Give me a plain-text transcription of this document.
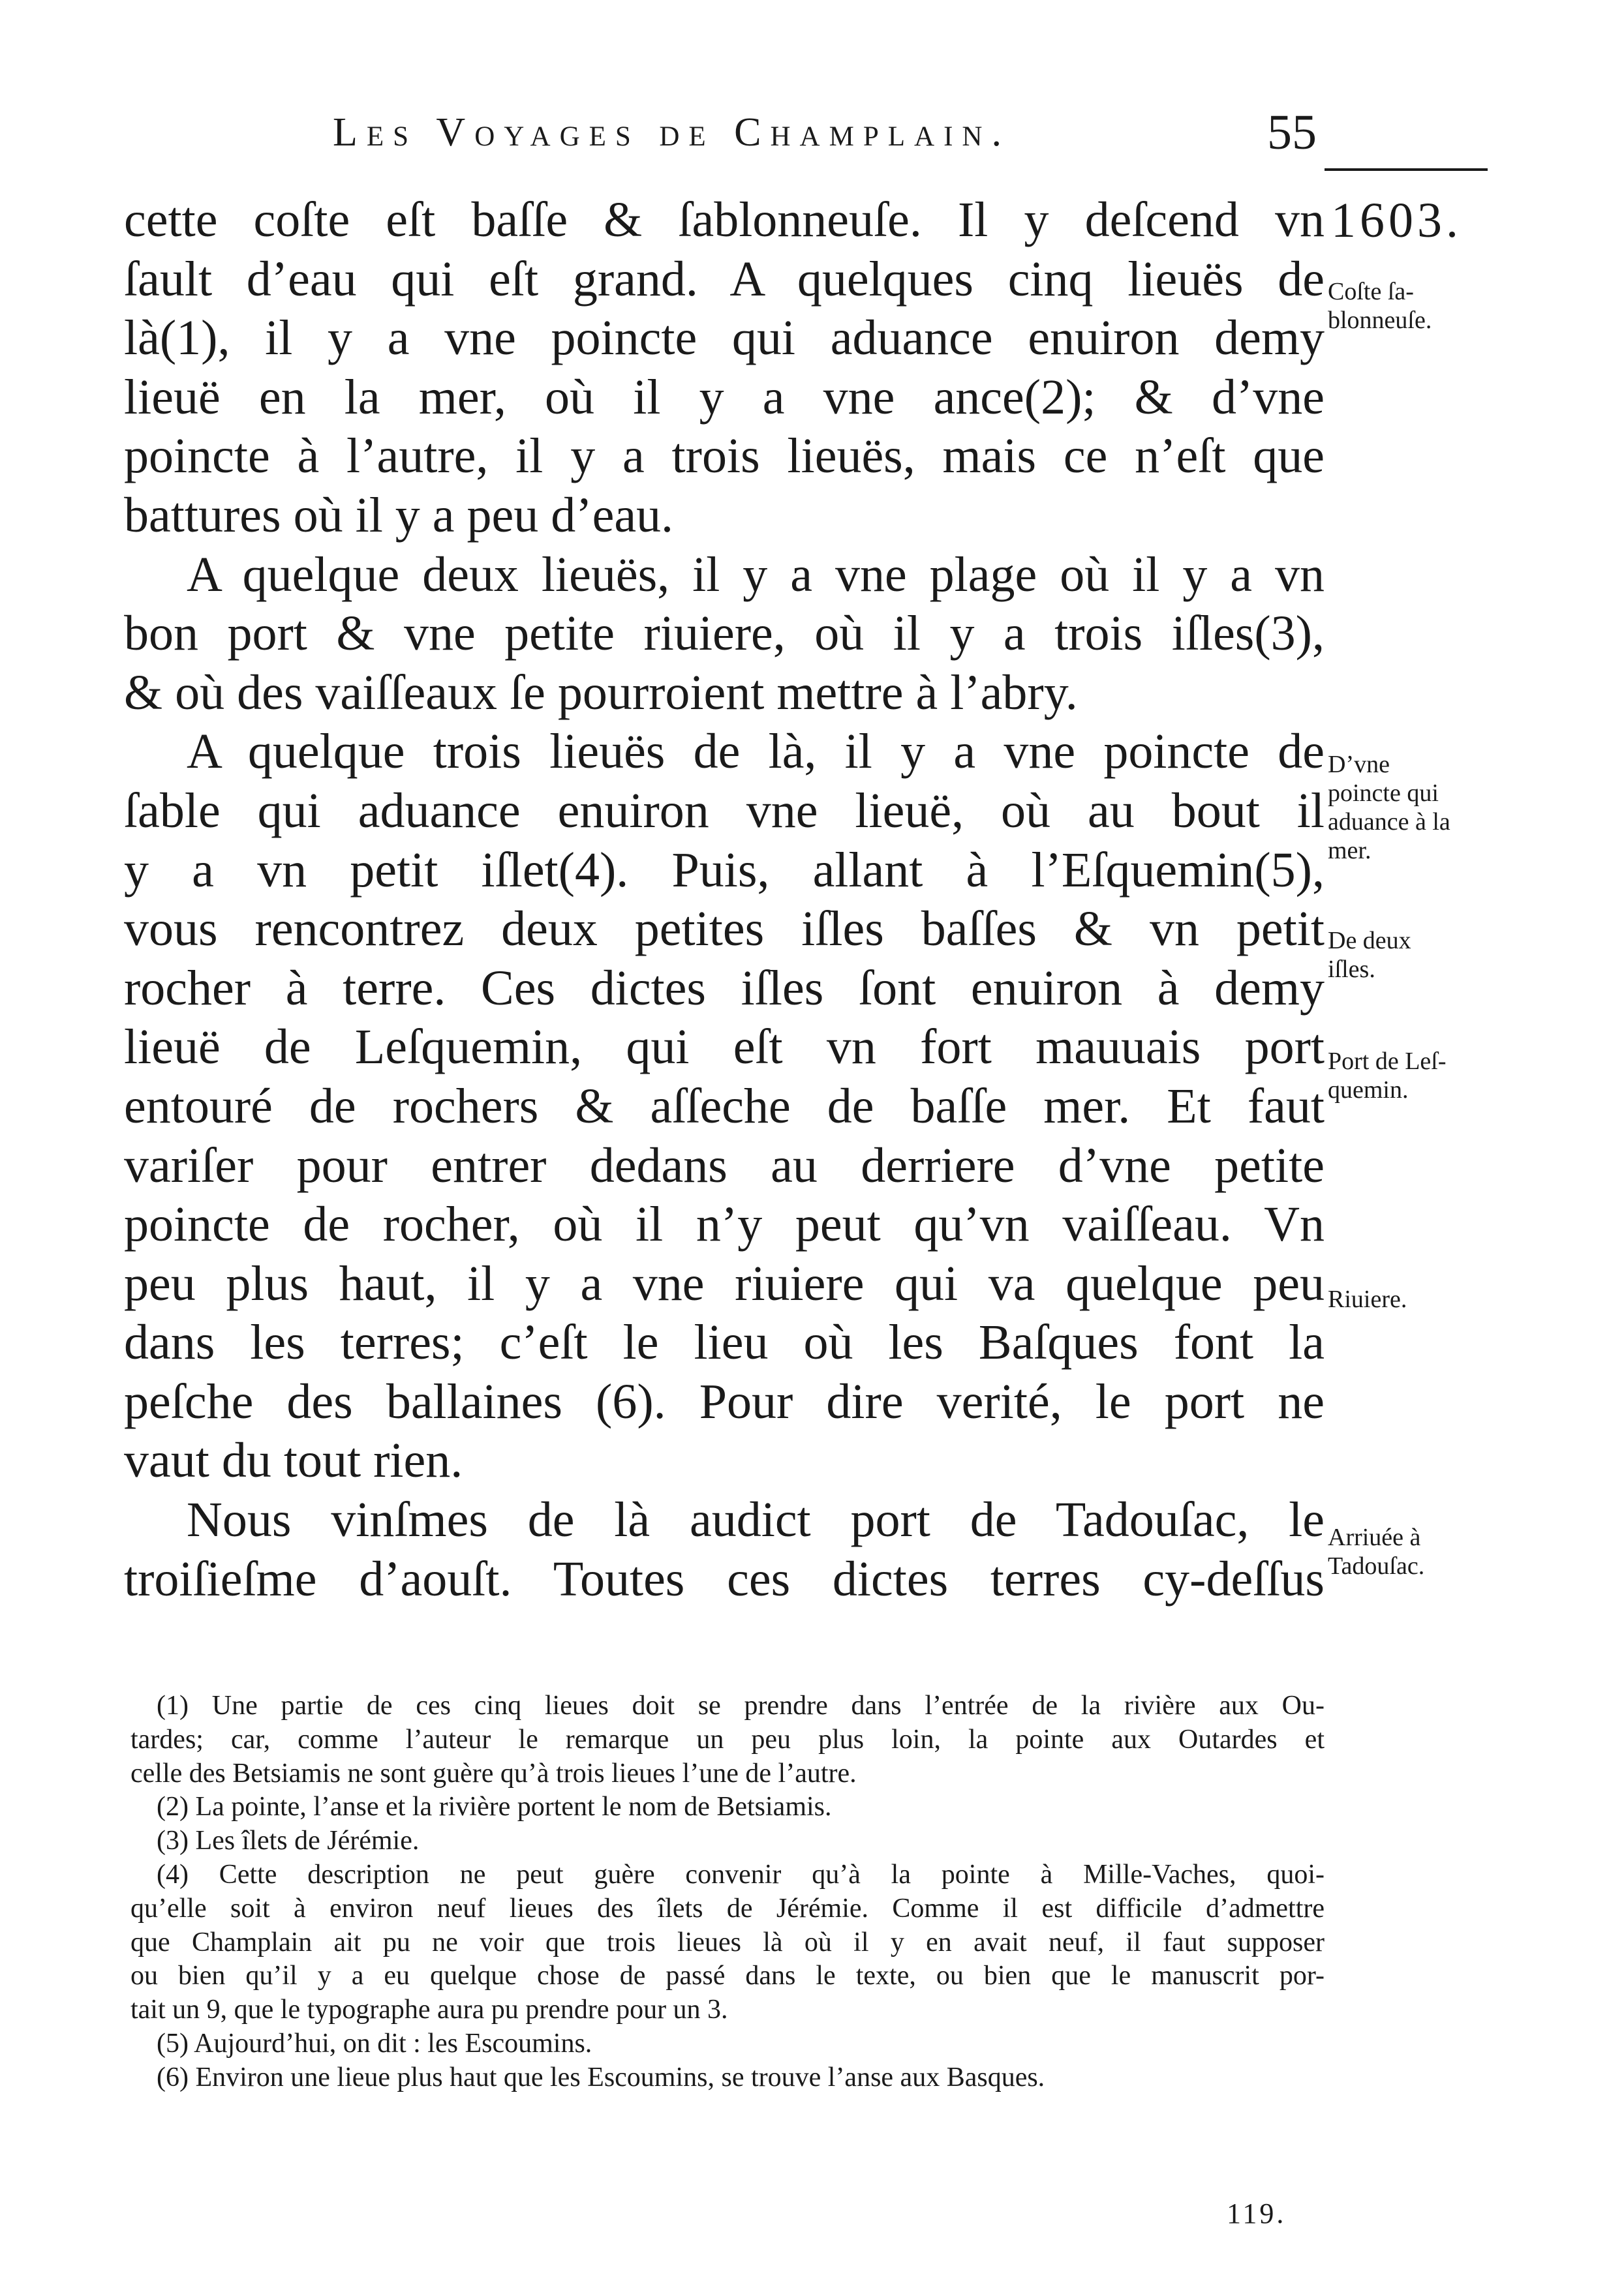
Les Voyages de Champlain.	55
1603.
cette coſte eſt baſſe & ſablonneuſe. Il y deſcend vn
ſault d’eau qui eſt grand. A quelques cinq lieuës de
là(1), il y a vne poincte qui aduance enuiron demy
lieuë en la mer, où il y a vne ance(2); & d’vne
poincte à l’autre, il y a trois lieuës, mais ce n’eſt que
battures où il y a peu d’eau.
A quelque deux lieuës, il y a vne plage où il y a vn
bon port & vne petite riuiere, où il y a trois iſles(3),
& où des vaiſſeaux ſe pourroient mettre à l’abry.
A quelque trois lieuës de là, il y a vne poincte de
ſable qui aduance enuiron vne lieuë, où au bout il
y a vn petit iſlet(4). Puis, allant à l’Eſquemin(5),
vous rencontrez deux petites iſles baſſes & vn petit
rocher à terre. Ces dictes iſles ſont enuiron à demy
lieuë de Leſquemin, qui eſt vn fort mauuais port
entouré de rochers & aſſeche de baſſe mer. Et faut
variſer pour entrer dedans au derriere d’vne petite
poincte de rocher, où il n’y peut qu’vn vaiſſeau. Vn
peu plus haut, il y a vne riuiere qui va quelque peu
dans les terres; c’eſt le lieu où les Baſques font la
peſche des ballaines (6). Pour dire verité, le port ne
vaut du tout rien.
Nous vinſmes de là audict port de Tadouſac, le
troiſieſme d’aouſt. Toutes ces dictes terres cy-deſſus
Coſte ſa-
blonneuſe.
D’vne
poincte qui
aduance à la
mer.
De deux
iſles.
Port de Leſ-
quemin.
Riuiere.
Arriuée à
Tadouſac.
(1) Une partie de ces cinq lieues doit se prendre dans l’entrée de la rivière aux Ou-
tardes; car, comme l’auteur le remarque un peu plus loin, la pointe aux Outardes et
celle des Betsiamis ne sont guère qu’à trois lieues l’une de l’autre.
(2) La pointe, l’anse et la rivière portent le nom de Betsiamis.
(3) Les îlets de Jérémie.
(4) Cette description ne peut guère convenir qu’à la pointe à Mille-Vaches, quoi-
qu’elle soit à environ neuf lieues des îlets de Jérémie. Comme il est difficile d’admettre
que Champlain ait pu ne voir que trois lieues là où il y en avait neuf, il faut supposer
ou bien qu’il y a eu quelque chose de passé dans le texte, ou bien que le manuscrit por-
tait un 9, que le typographe aura pu prendre pour un 3.
(5) Aujourd’hui, on dit : les Escoumins.
(6) Environ une lieue plus haut que les Escoumins, se trouve l’anse aux Basques.
119.
